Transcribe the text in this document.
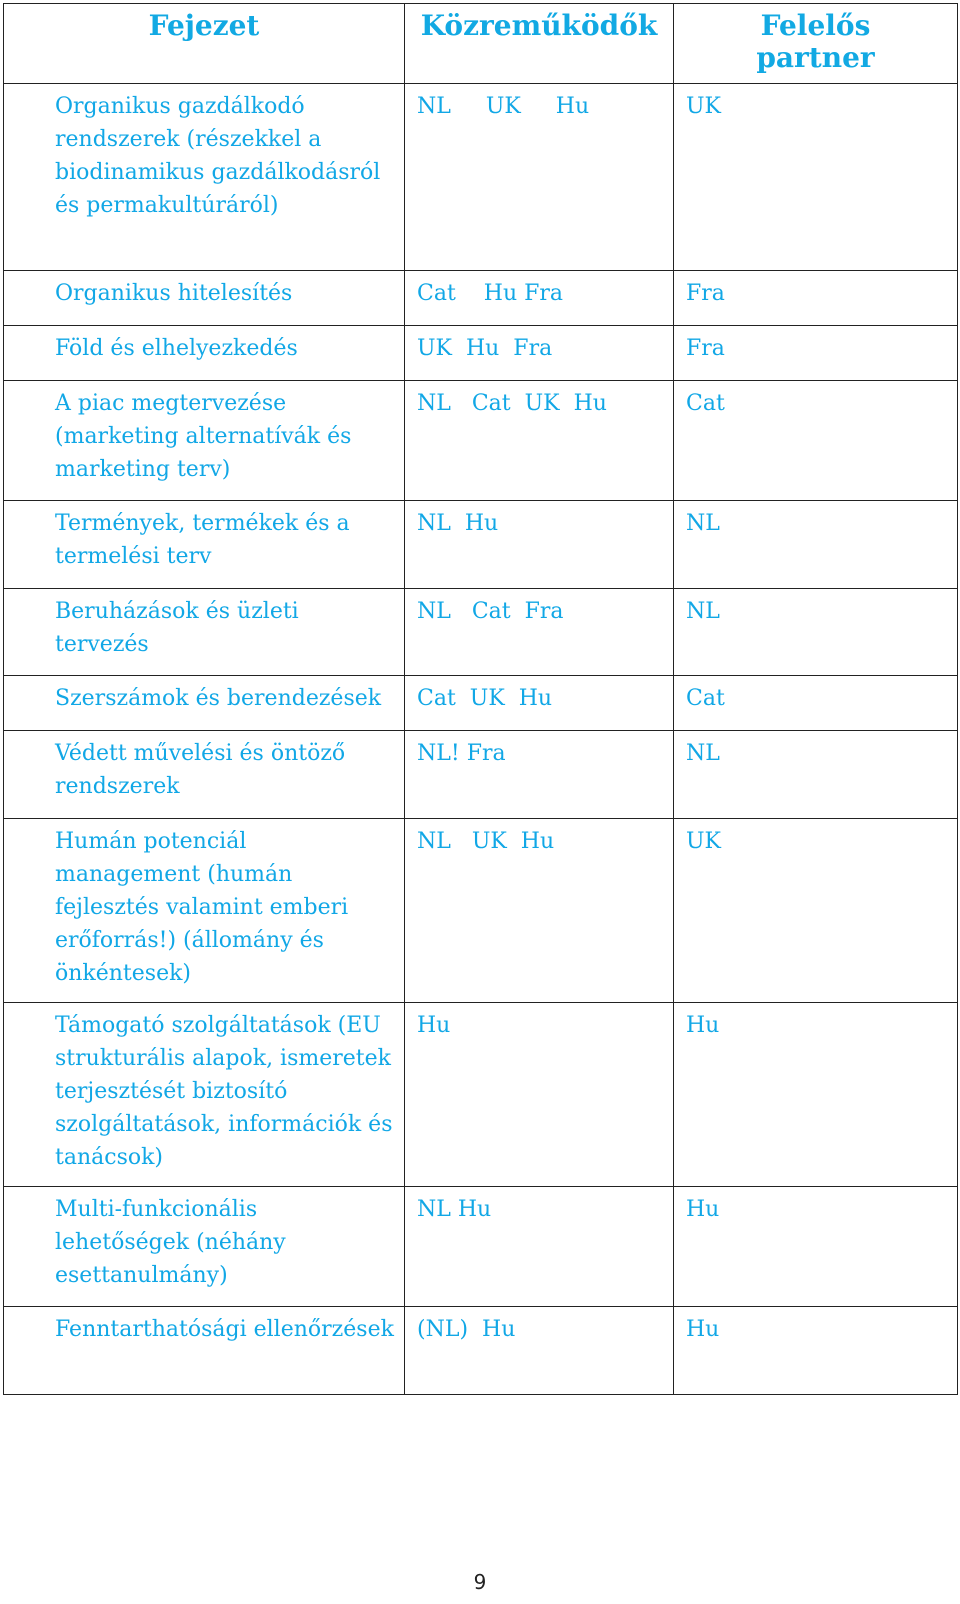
Fejezet	Közreműködők	Felelős partner
Organikus gazdálkodó rendszerek (részekkel a biodinamikus gazdálkodásról és permakultúráról)	NL     UK     Hu	UK
Organikus hitelesítés	Cat    Hu Fra	Fra
Föld és elhelyezkedés	UK  Hu  Fra	Fra
A piac megtervezése (marketing alternatívák és marketing terv)	NL   Cat  UK  Hu	Cat
Termények, termékek és a termelési terv	NL  Hu	NL
Beruházások és üzleti tervezés	NL   Cat  Fra	NL
Szerszámok és berendezések	Cat  UK  Hu	Cat
Védett művelési és öntöző rendszerek	NL! Fra	NL
Humán potenciál management (humán fejlesztés valamint emberi erőforrás!) (állomány és önkéntesek)	NL   UK  Hu	UK
Támogató szolgáltatások (EU strukturális alapok, ismeretek terjesztését biztosító szolgáltatások, információk és tanácsok)	Hu	Hu
Multi-funkcionális lehetőségek (néhány esettanulmány)	NL Hu	Hu
Fenntarthatósági ellenőrzések	(NL)  Hu	Hu
9
